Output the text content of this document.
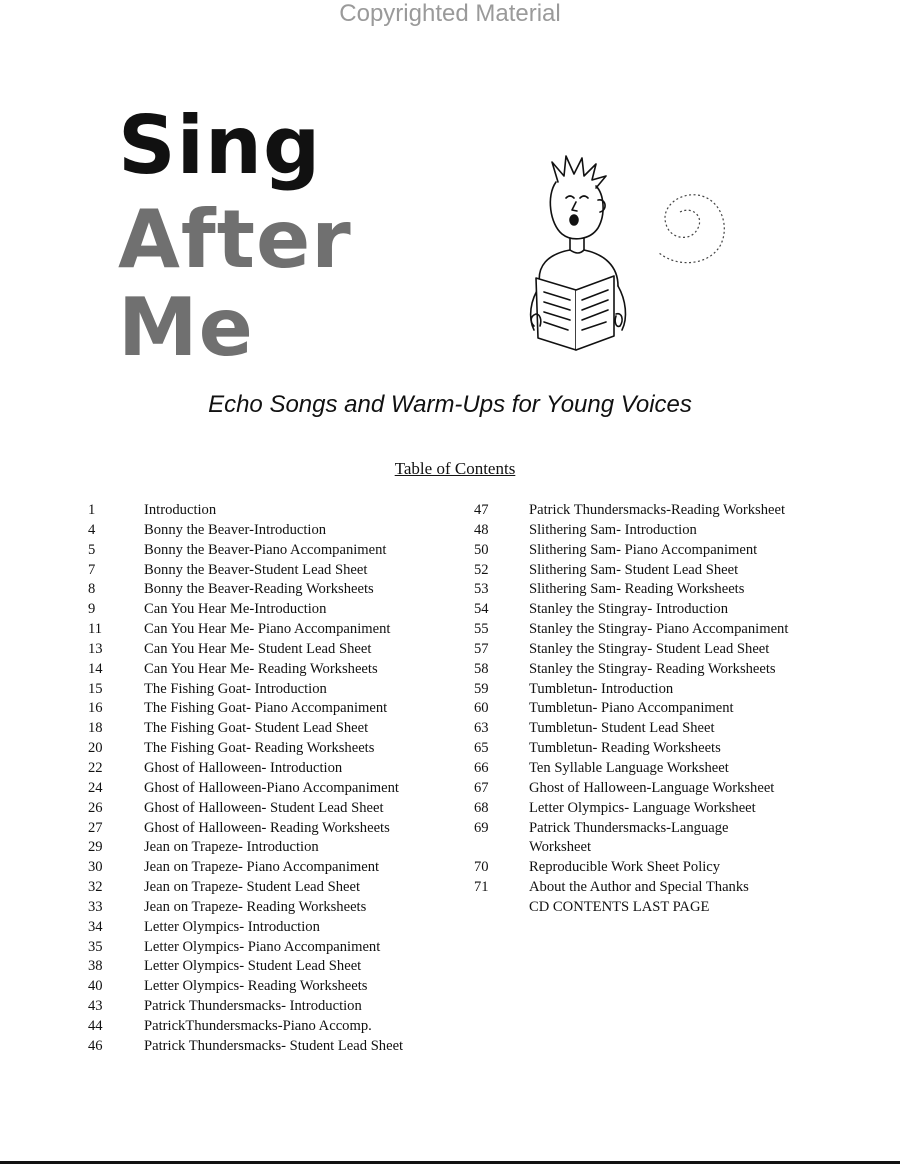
Copyrighted Material
Sing
After
Me
Echo Songs and Warm-Ups for Young Voices
Table of Contents
1	Introduction
4	Bonny the Beaver-Introduction
5	Bonny the Beaver-Piano Accompaniment
7	Bonny the Beaver-Student Lead Sheet
8	Bonny the Beaver-Reading Worksheets
9	Can You Hear Me-Introduction
11	Can You Hear Me- Piano Accompaniment
13	Can You Hear Me- Student Lead Sheet
14	Can You Hear Me- Reading Worksheets
15	The Fishing Goat- Introduction
16	The Fishing Goat- Piano Accompaniment
18	The Fishing Goat- Student Lead Sheet
20	The Fishing Goat- Reading Worksheets
22	Ghost of Halloween- Introduction
24	Ghost of Halloween-Piano Accompaniment
26	Ghost of Halloween- Student Lead Sheet
27	Ghost of Halloween- Reading Worksheets
29	Jean on Trapeze- Introduction
30	Jean on Trapeze- Piano Accompaniment
32	Jean on Trapeze- Student Lead Sheet
33	Jean on Trapeze- Reading Worksheets
34	Letter Olympics- Introduction
35	Letter Olympics- Piano Accompaniment
38	Letter Olympics- Student Lead Sheet
40	Letter Olympics- Reading Worksheets
43	Patrick Thundersmacks- Introduction
44	PatrickThundersmacks-Piano Accomp.
46	Patrick Thundersmacks- Student Lead Sheet
47	Patrick Thundersmacks-Reading Worksheet
48	Slithering Sam- Introduction
50	Slithering Sam- Piano Accompaniment
52	Slithering Sam- Student Lead Sheet
53	Slithering Sam- Reading Worksheets
54	Stanley the Stingray- Introduction
55	Stanley the Stingray- Piano Accompaniment
57	Stanley the Stingray- Student Lead Sheet
58	Stanley the Stingray- Reading Worksheets
59	Tumbletun- Introduction
60	Tumbletun- Piano Accompaniment
63	Tumbletun- Student Lead Sheet
65	Tumbletun- Reading Worksheets
66	Ten Syllable Language Worksheet
67	Ghost of Halloween-Language Worksheet
68	Letter Olympics- Language Worksheet
69	Patrick Thundersmacks-Language Worksheet
70	Reproducible Work Sheet Policy
71	About the Author and Special Thanks
CD CONTENTS LAST PAGE
